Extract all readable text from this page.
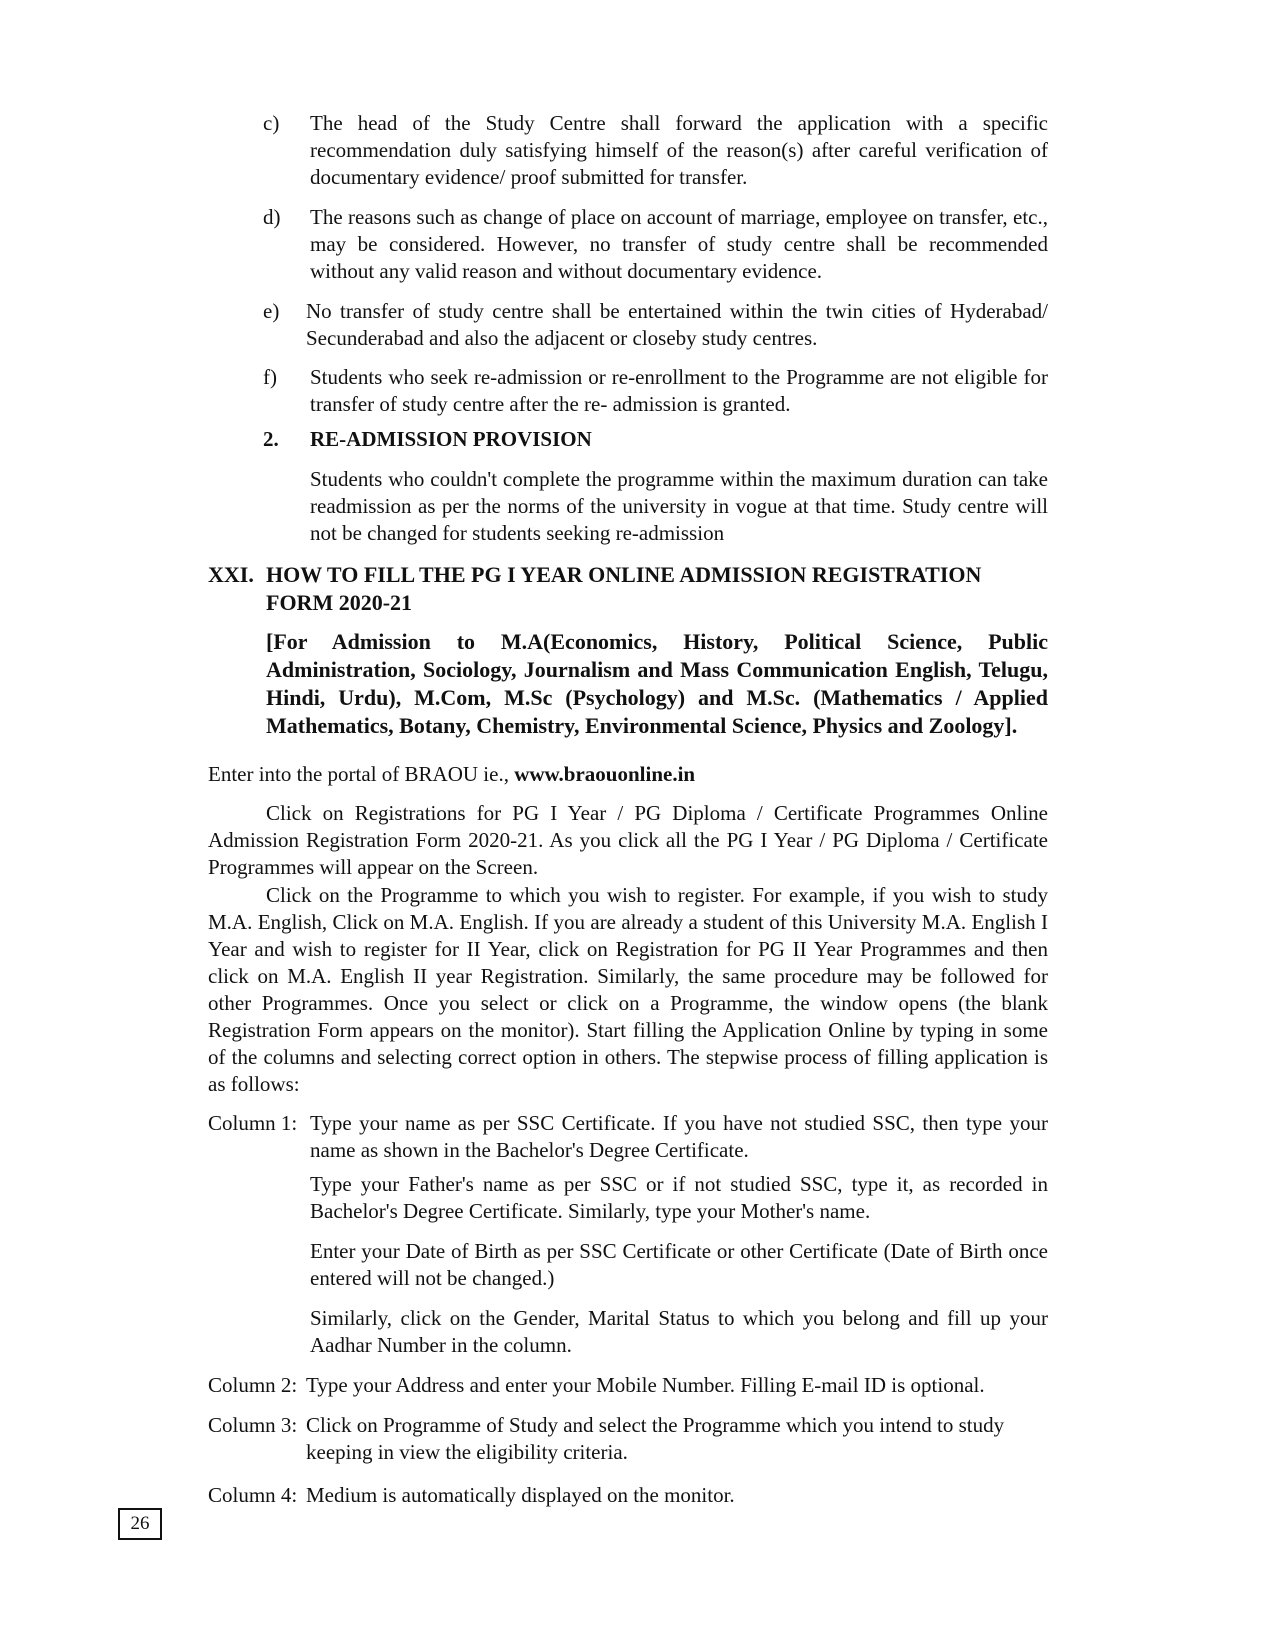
c) The head of the Study Centre shall forward the application with a specific recommendation duly satisfying himself of the reason(s) after careful verification of documentary evidence/ proof submitted for transfer.

d) The reasons such as change of place on account of marriage, employee on transfer, etc., may be considered. However, no transfer of study centre shall be recommended without any valid reason and without documentary evidence.

e) No transfer of study centre shall be entertained within the twin cities of Hyderabad/ Secunderabad and also the adjacent or closeby study centres.

f) Students who seek re-admission or re-enrollment to the Programme are not eligible for transfer of study centre after the re- admission is granted.

2. RE-ADMISSION PROVISION

Students who couldn't complete the programme within the maximum duration can take readmission as per the norms of the university in vogue at that time. Study centre will not be changed for students seeking re-admission

XXI. HOW TO FILL THE PG I YEAR ONLINE ADMISSION REGISTRATION
FORM 2020-21

[For Admission to M.A(Economics, History, Political Science, Public Administration, Sociology, Journalism and Mass Communication English, Telugu, Hindi, Urdu), M.Com, M.Sc (Psychology) and M.Sc. (Mathematics / Applied Mathematics, Botany, Chemistry, Environmental Science, Physics and Zoology].

Enter into the portal of BRAOU ie., www.braouonline.in

Click on Registrations for PG I Year / PG Diploma / Certificate Programmes Online Admission Registration Form 2020-21. As you click all the PG I Year / PG Diploma / Certificate Programmes will appear on the Screen.

Click on the Programme to which you wish to register. For example, if you wish to study M.A. English, Click on M.A. English. If you are already a student of this University M.A. English I Year and wish to register for II Year, click on Registration for PG II Year Programmes and then click on M.A. English II year Registration. Similarly, the same procedure may be followed for other Programmes. Once you select or click on a Programme, the window opens (the blank Registration Form appears on the monitor). Start filling the Application Online by typing in some of the columns and selecting correct option in others. The stepwise process of filling application is as follows:

Column 1: Type your name as per SSC Certificate. If you have not studied SSC, then type your name as shown in the Bachelor's Degree Certificate.

Type your Father's name as per SSC or if not studied SSC, type it, as recorded in Bachelor's Degree Certificate. Similarly, type your Mother's name.

Enter your Date of Birth as per SSC Certificate or other Certificate (Date of Birth once entered will not be changed.)

Similarly, click on the Gender, Marital Status to which you belong and fill up your Aadhar Number in the column.

Column 2: Type your Address and enter your Mobile Number. Filling E-mail ID is optional.

Column 3: Click on Programme of Study and select the Programme which you intend to study keeping in view the eligibility criteria.

Column 4: Medium is automatically displayed on the monitor.

26
